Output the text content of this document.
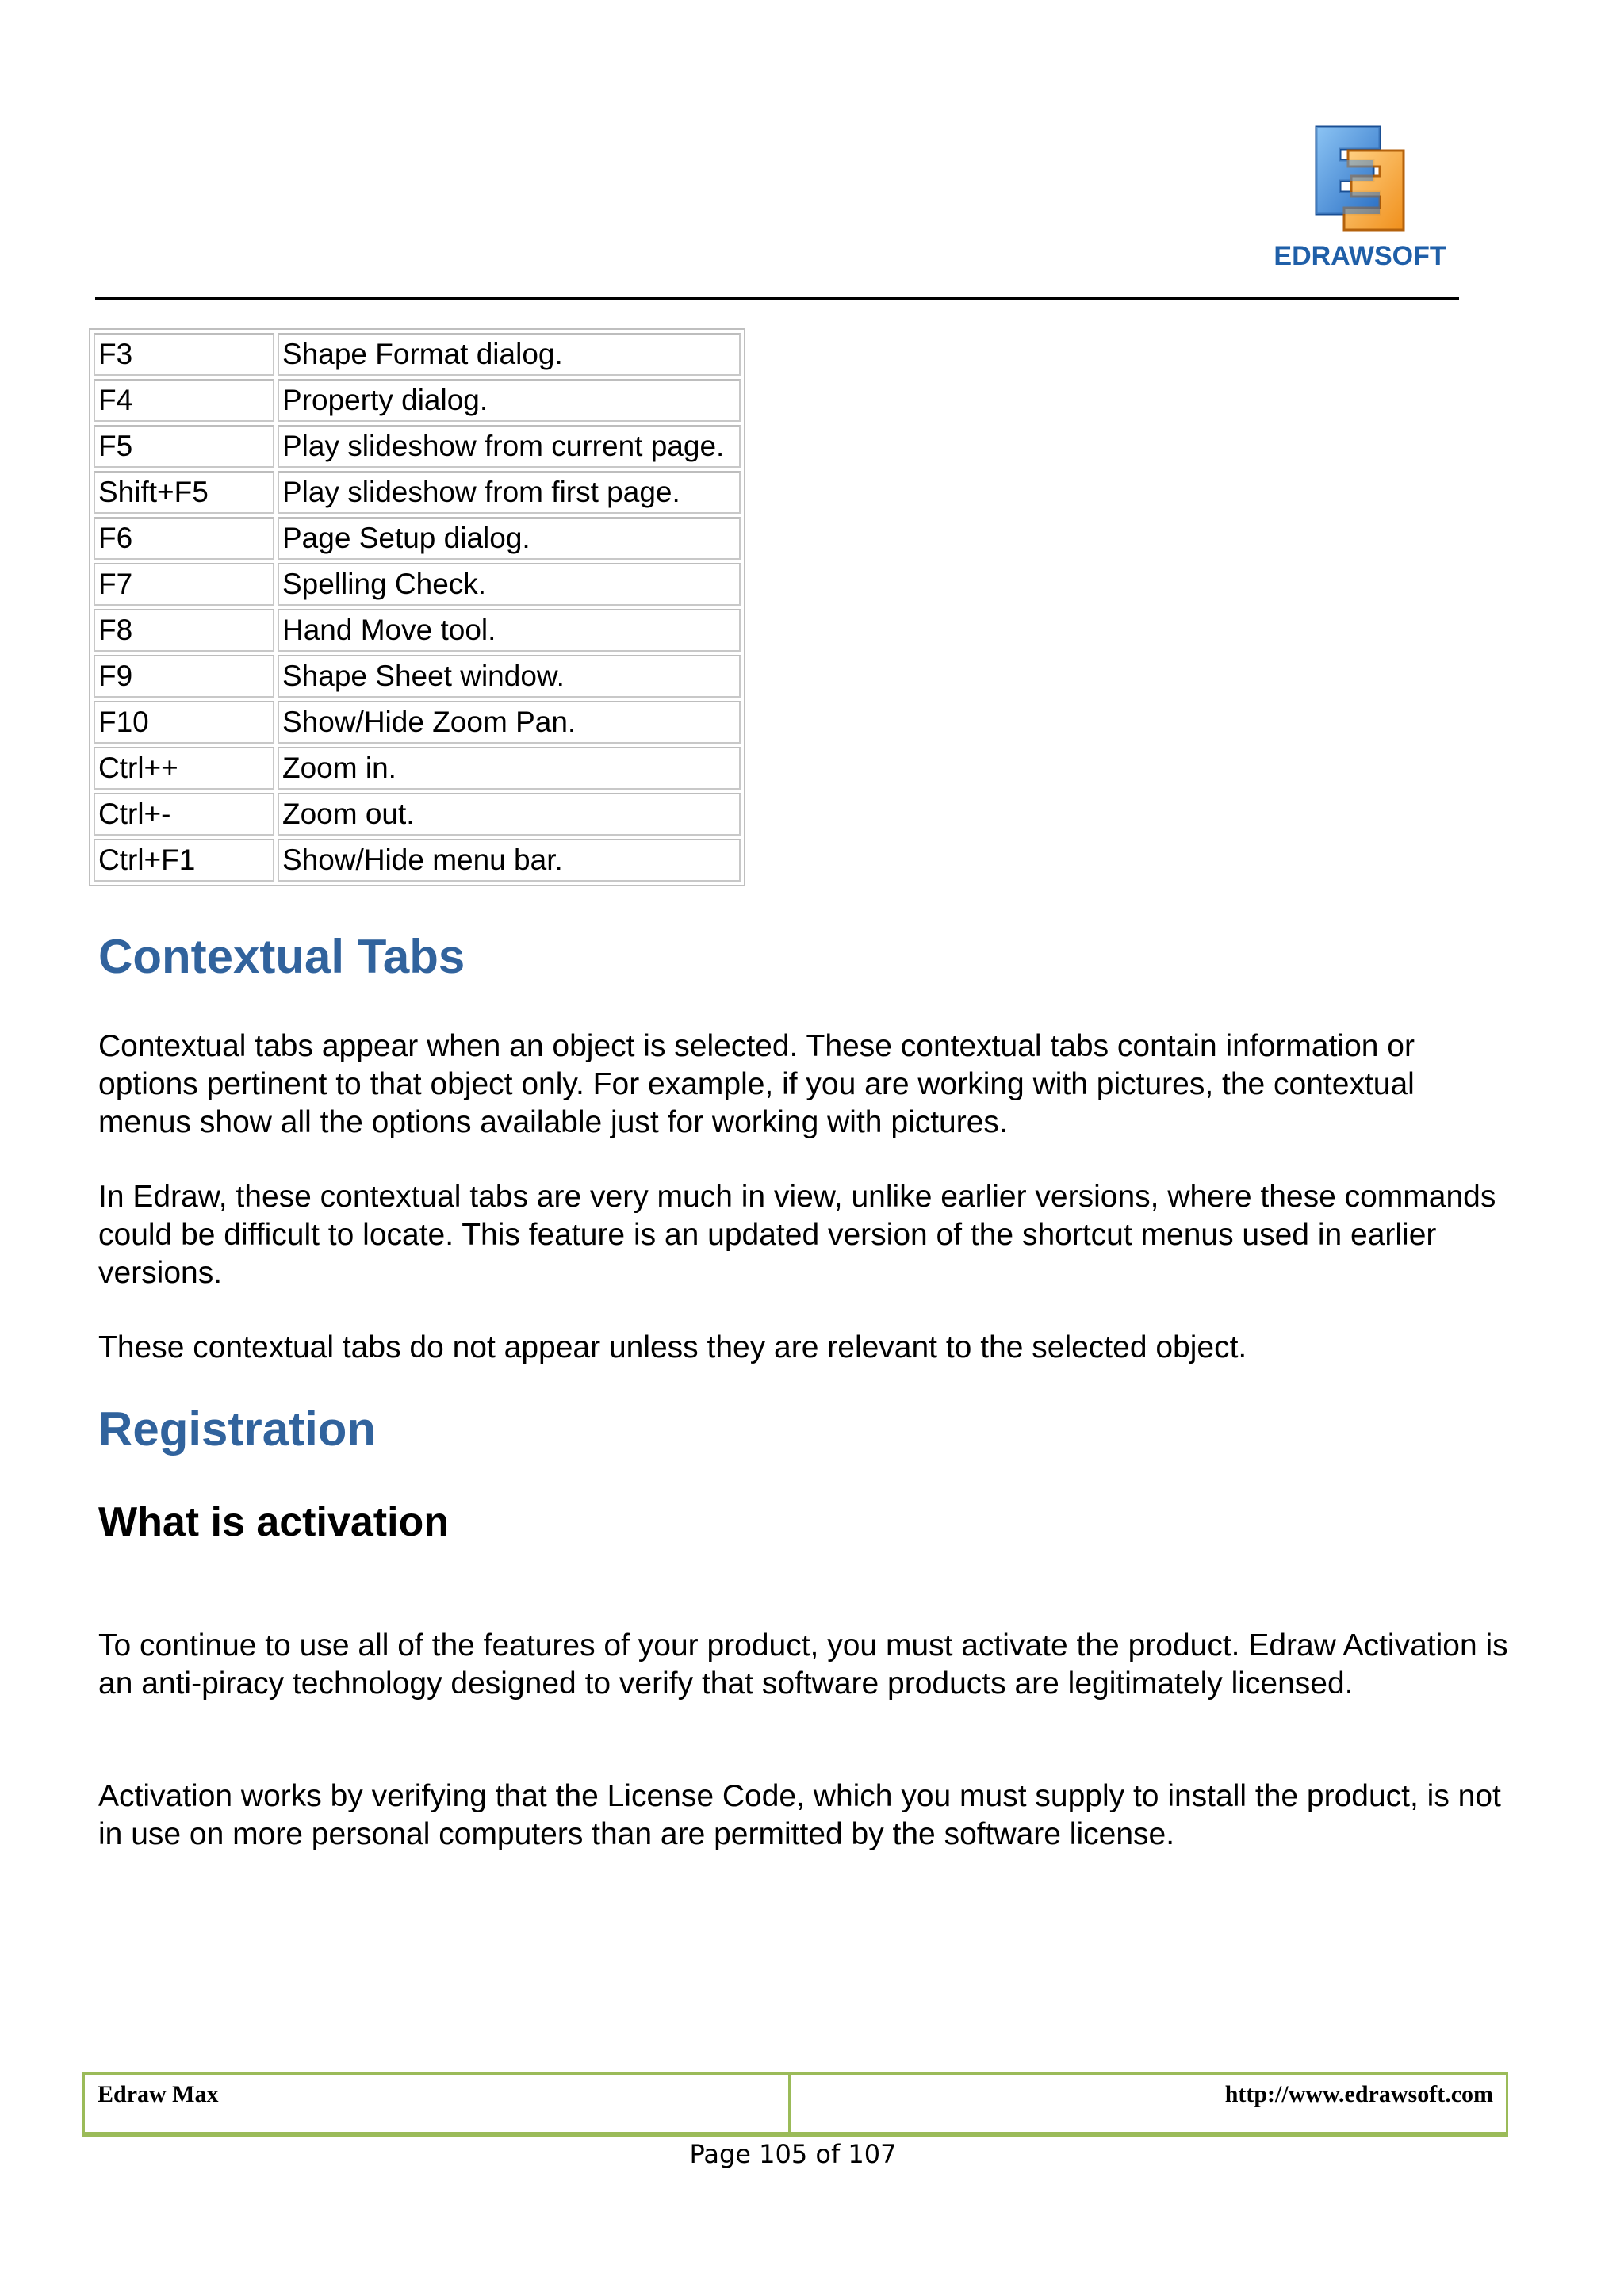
EDRAWSOFT
F3	Shape Format dialog.
F4	Property dialog.
F5	Play slideshow from current page.
Shift+F5	Play slideshow from first page.
F6	Page Setup dialog.
F7	Spelling Check.
F8	Hand Move tool.
F9	Shape Sheet window.
F10	Show/Hide Zoom Pan.
Ctrl++	Zoom in.
Ctrl+-	Zoom out.
Ctrl+F1	Show/Hide menu bar.
Contextual Tabs

Contextual tabs appear when an object is selected. These contextual tabs contain information or options pertinent to that object only. For example, if you are working with pictures, the contextual menus show all the options available just for working with pictures.

In Edraw, these contextual tabs are very much in view, unlike earlier versions, where these commands could be difficult to locate. This feature is an updated version of the shortcut menus used in earlier versions.

These contextual tabs do not appear unless they are relevant to the selected object.

Registration
What is activation

To continue to use all of the features of your product, you must activate the product. Edraw Activation is an anti-piracy technology designed to verify that software products are legitimately licensed.

Activation works by verifying that the License Code, which you must supply to install the product, is not in use on more personal computers than are permitted by the software license.

Edraw Max	http://www.edrawsoft.com
Page 105 of 107
